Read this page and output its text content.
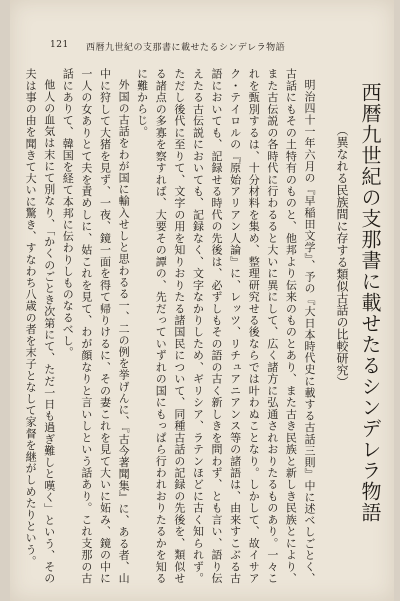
121 西暦九世紀の支那書に載せたるシンデレラ物語
西暦九世紀の支那書に載せたるシンデレラ物語
（異なれる民族間に存する類似古話の比較研究）

明治四十一年六月の『早稲田文学』、予の『大日本時代史に載する古話三則』中に述べしごとく、古話にもその土特有のものと、他邦より伝来のものとあり、また古き民族と新しき民族とにより、また古伝説の各時代に行わるると大いに異にして、広く諸方に弘通されおりたるものあり。一々これを甄別するは、十分材料を集め、整理研究せる後ならでは叶わぬことなり。しかして、故イサアク・テイロルの『原始アリアン人論』に、レッツ、リチュアニアンス等の諸語は、由来すこぶる古語においても、記録せる時代の先後は、必ずしもその語の古く新しきを問わず、とも言い、語り伝えたる古伝説においても、記録なく、文字なかりしため、ギリシア、ラテンほどに古く知られず。ただし後代に至りて、文字の用を知りおりたる諸国民について、同種古話の記録の先後を、類似せる諸点の多寡を察すれば、大要その譚の、先だっていずれの国にもっぱら行われおりたるかを知るに難からじ。

外国の古話をわが国に輸入せしと思わるる一、二の例を挙げんに、『古今著聞集』に、ある者、山中に狩して大猪を見ず、一夜、鏡一面を得て帰りけるに、その妻これを見て大いに妬み、鏡の中に一人の女ありとて夫を責めしに、姑これを見て、わが顔なりと言いしという話あり。これ支那の古話にありて、韓国を経て本邦に伝わりしものなるべし。

他人の血気は末にて別なり、「かくのごとき次第にて、ただ一日も過ぎ難しと嘆く」という、その夫は事の由を聞きて大いに驚き、すなわち八歳の者を末子となして家督を継がしめたりという。
